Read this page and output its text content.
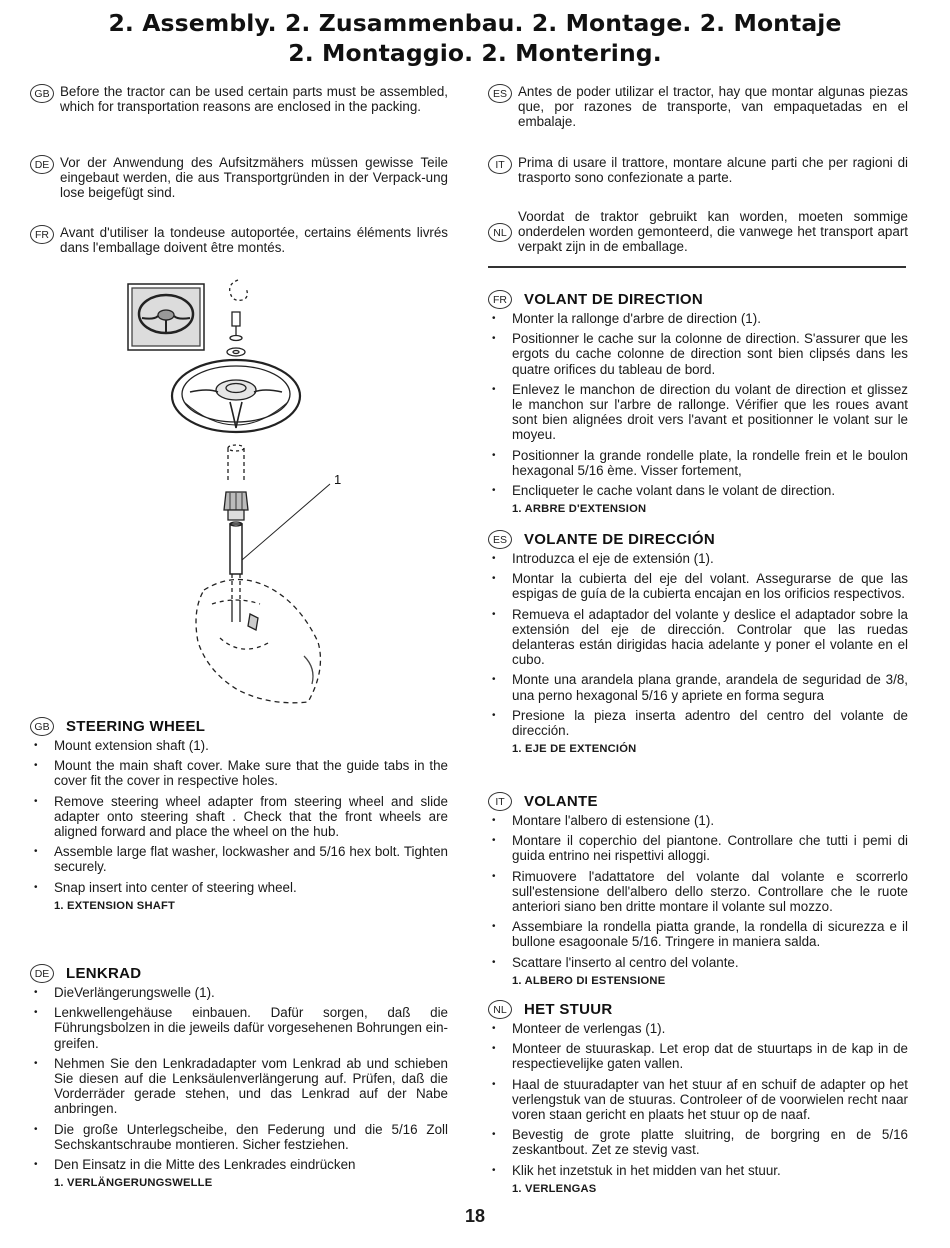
2. Assembly. 2. Zusammenbau. 2. Montage. 2. Montaje
2. Montaggio. 2. Montering.
GB Before the tractor can be used certain parts must be assembled, which for transportation reasons are enclosed in the packing.

DE Vor der Anwendung des Aufsitzmähers müssen gewisse Teile eingebaut werden, die aus Transportgründen in der Verpack-ung lose beigefügt sind.

FR Avant d'utiliser la tondeuse autoportée, certains éléments livrés dans l'emballage doivent être montés.

ES Antes de poder utilizar el tractor, hay que montar algunas piezas que, por razones de transporte, van empaquetadas en el embalaje.

IT Prima di usare il trattore, montare alcune parti che per ragioni di trasporto sono confezionate a parte.

NL

Voordat de traktor gebruikt kan worden, moeten sommige onderdelen worden gemonteerd, die vanwege het transport apart verpakt zijn in de emballage.

1
GB STEERING WHEEL
• Mount extension shaft (1).
• Mount the main shaft cover. Make sure that the guide tabs in the cover fit the cover in respective holes.
• Remove steering wheel adapter from steering wheel and slide adapter onto steering shaft . Check that the front wheels are aligned forward and place the wheel on the hub.
• Assemble large flat washer, lockwasher and 5/16 hex bolt. Tighten securely.
• Snap insert into center of steering wheel.
1. EXTENSION SHAFT
DE	LENKRAD
• DieVerlängerungswelle (1).
• Lenkwellengehäuse einbauen. Dafür sorgen, daß die Führungsbolzen in die jeweils dafür vorgesehenen Bohrungen ein- greifen.
• Nehmen Sie den Lenkradadapter vom Lenkrad ab und schieben Sie diesen auf die Lenksäulenverlängerung auf. Prüfen, daß die Vorderräder gerade stehen, und das Lenkrad auf der Nabe anbringen.
• Die große Unterlegscheibe, den Federung und die 5/16 Zoll Sechskantschraube montieren. Sicher festziehen.
• Den Einsatz in die Mitte des Lenkrades eindrücken
1. VERLÄNGERUNGSWELLE
FR	VOLANT DE DIRECTION
• Monter la rallonge d'arbre de direction (1).
• Positionner le cache sur la colonne de direction. S'assurer que les ergots du cache colonne de direction sont bien clipsés dans les quatre orifices du tableau de bord.
• Enlevez le manchon de direction du volant de direction et glissez le manchon sur l'arbre de rallonge. Vérifier que les roues avant sont bien alignées droit vers l'avant et positionner le volant sur le moyeu.
• Positionner la grande rondelle plate, la rondelle frein et le boulon hexagonal 5/16 ème. Visser fortement,
• Encliqueter le cache volant dans le volant de direction.
1. ARBRE D'EXTENSION
ES	VOLANTE DE DIRECCIÓN
• Introduzca el eje de extensión (1).
• Montar la cubierta del eje del volant. Assegurarse de que las espigas de guía de la cubierta encajan en los orificios respectivos.
• Remueva el adaptador del volante y deslice el adaptador sobre la extensión del eje de dirección. Controlar que las ruedas delanteras están dirigidas hacia adelante y poner el volante en el cubo.
• Monte una arandela plana grande, arandela de seguridad de 3/8, una perno hexagonal 5/16 y apriete en forma segura
• Presione la pieza inserta adentro del centro del volante de dirección.
1. EJE DE EXTENCIÓN
IT	VOLANTE
• Montare l'albero di estensione (1).
• Montare il coperchio del piantone. Controllare che tutti i pemi di guida entrino nei rispettivi alloggi.
• Rimuovere l'adattatore del volante dal volante e scorrerlo sull'estensione dell'albero dello sterzo. Controllare che le ruote anteriori siano ben dritte montare il volante sul mozzo.
• Assembiare la rondella piatta grande, la rondella di sicurezza e il bullone esagoonale 5/16. Tringere in maniera salda.
• Scattare l'inserto al centro del volante.
1. ALBERO DI ESTENSIONE
NL	HET STUUR
• Monteer de verlengas (1).
• Monteer de stuuraskap. Let erop dat de stuurtaps in de kap in de respectievelijke gaten vallen.
• Haal de stuuradapter van het stuur af en schuif de adapter op het verlengstuk van de stuuras. Controleer of de voorwielen recht naar voren staan gericht en plaats het stuur op de naaf.
• Bevestig de grote platte sluitring, de borgring en de 5/16 zeskantbout. Zet ze stevig vast.
• Klik het inzetstuk in het midden van het stuur.
1. VERLENGAS
18
